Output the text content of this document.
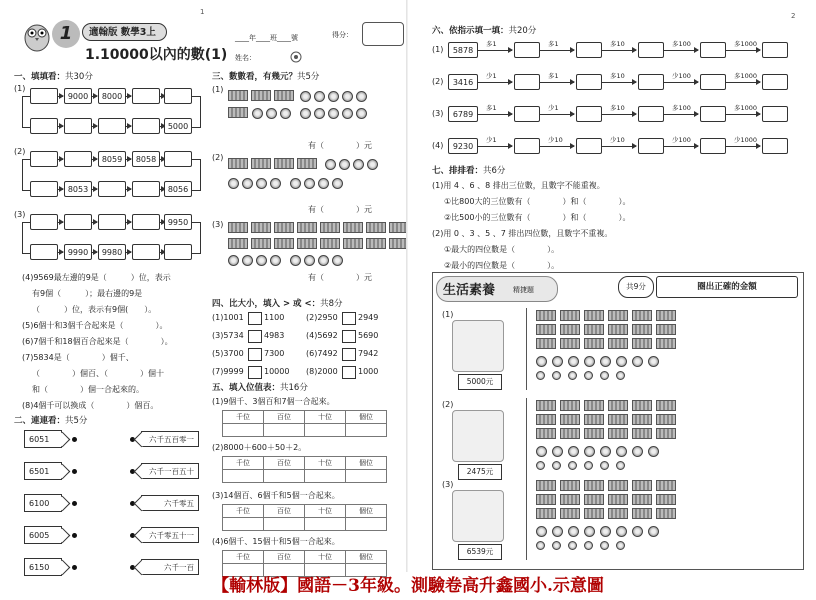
1
1	適翰版 數學3上
1.10000以內的數(1)
____年____班____號
姓名：
得分：
一、填填看：共30分
(1)
9000	8000
5000
(2)
8059	8058
8053	8056
(3)
9950
9990	9980
(4)9569最左邊的9是（　　　）位，表示
有9個（　　　）；最右邊的9是
（　　　）位，表示有9個(　　）。
(5)6個十和3個千合起來是（　　　　）。
(6)7個千和18個百合起來是（　　　　）。
(7)5834是（　　　　）個千、
（　　　　）個百、（　　　　）個十
和（　　　　）個一合起來的。
(8)4個千可以換成（　　　　）個百。
二、連連看：共5分
6051
6501
6100
6005
6150
六千五百零一
六千一百五十
六千零五
六千零五十一
六千一百
三、數數看，有幾元？共5分
(1)
(2)
(3)
有（　　　　）元
有（　　　　）元
有（　　　　）元
四、比大小，填入 > 或 <：共8分
(1)1001	1100	(2)2950	2949
(3)5734	4983	(4)5692	5690
(5)3700	7300	(6)7492	7942
(7)9999	10000 (8)2000	1000
五、填入位值表：共16分
(1)9個千、3個百和7個一合起來。
(2)8000＋600＋50＋2。
(3)14個百、6個千和5個一合起來。
(4)6個千、15個十和5個一合起來。
千位	百位	十位	個位

千位	百位	十位	個位

千位	百位	十位	個位

千位	百位	十位	個位

2
六、依指示填一填：共20分
(1)	5878
多1	多1	多10	多100	多1000
(2)	3416
少1	多1	多10	少100	多1000
(3)	6789
多1	少1	多10	多100	多1000
(4)	9230
少1	少10	少10	少100	少1000
七、排排看：共6分
(1)用 4 、6 、8 排出三位數，且數字不能重複。
①比800大的三位數有（　　　　）和（　　　　）。
②比500小的三位數有（　　　　）和（　　　　）。
(2)用 0 、3 、5 、7 排出四位數，且數字不重複。
①最大的四位數是（　　　　）。
②最小的四位數是（　　　　）。
生活素養	精捷題	共9分	圈出正確的金額
(1)
5000元
(2)
2475元
(3)
6539元
【輸林版】國語－3年級。測驗卷高升鑫國小.示意圖
